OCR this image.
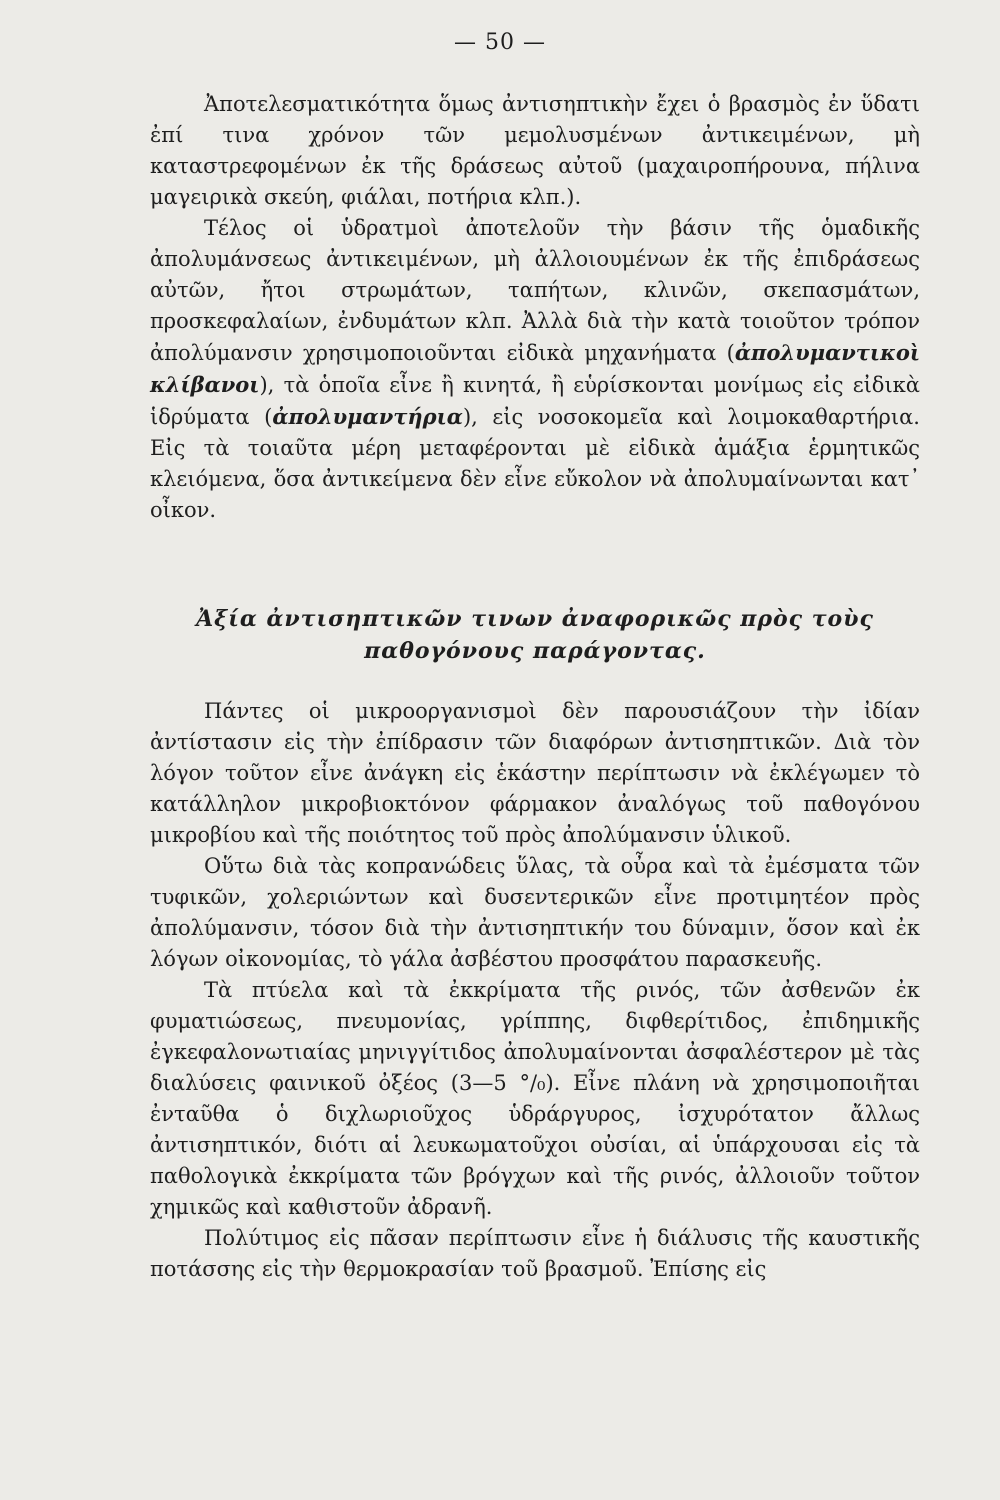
— 50 —

Ἀποτελεσματικότητα ὅμως ἀντισηπτικὴν ἔχει ὁ βρασμὸς ἐν ὕδατι ἐπί τινα χρόνον τῶν μεμολυσμένων ἀντικειμένων, μὴ καταστρεφομένων ἐκ τῆς δράσεως αὐτοῦ (μαχαιροπήρουνα, πήλινα μαγειρικὰ σκεύη, φιάλαι, ποτήρια κλπ.).

Τέλος οἱ ὑδρατμοὶ ἀποτελοῦν τὴν βάσιν τῆς ὁμαδικῆς ἀπολυμάνσεως ἀντικειμένων, μὴ ἀλλοιουμένων ἐκ τῆς ἐπιδράσεως αὐτῶν, ἤτοι στρωμάτων, ταπήτων, κλινῶν, σκεπασμάτων, προσκεφαλαίων, ἐνδυμάτων κλπ. Ἀλλὰ διὰ τὴν κατὰ τοιοῦτον τρόπον ἀπολύμανσιν χρησιμοποιοῦνται εἰδικὰ μηχανήματα (ἀπολυμαντικοὶ κλίβανοι), τὰ ὁποῖα εἶνε ἢ κινητά, ἢ εὑρίσκονται μονίμως εἰς εἰδικὰ ἱδρύματα (ἀπολυμαντήρια), εἰς νοσοκομεῖα καὶ λοιμοκαθαρτήρια. Εἰς τὰ τοιαῦτα μέρη μεταφέρονται μὲ εἰδικὰ ἁμάξια ἑρμητικῶς κλειόμενα, ὅσα ἀντικείμενα δὲν εἶνε εὔκολον νὰ ἀπολυμαίνωνται κατ᾿ οἶκον.

Ἀξία ἀντισηπτικῶν τινων ἀναφορικῶς πρὸς τοὺς παθογόνους παράγοντας.

Πάντες οἱ μικροοργανισμοὶ δὲν παρουσιάζουν τὴν ἰδίαν ἀντίστασιν εἰς τὴν ἐπίδρασιν τῶν διαφόρων ἀντισηπτικῶν. Διὰ τὸν λόγον τοῦτον εἶνε ἀνάγκη εἰς ἑκάστην περίπτωσιν νὰ ἐκλέγωμεν τὸ κατάλληλον μικροβιοκτόνον φάρμακον ἀναλόγως τοῦ παθογόνου μικροβίου καὶ τῆς ποιότητος τοῦ πρὸς ἀπολύμανσιν ὑλικοῦ.

Οὕτω διὰ τὰς κοπρανώδεις ὕλας, τὰ οὖρα καὶ τὰ ἐμέσματα τῶν τυφικῶν, χολεριώντων καὶ δυσεντερικῶν εἶνε προτιμητέον πρὸς ἀπολύμανσιν, τόσον διὰ τὴν ἀντισηπτικήν του δύναμιν, ὅσον καὶ ἐκ λόγων οἰκονομίας, τὸ γάλα ἀσβέστου προσφάτου παρασκευῆς.

Τὰ πτύελα καὶ τὰ ἐκκρίματα τῆς ρινός, τῶν ἀσθενῶν ἐκ φυματιώσεως, πνευμονίας, γρίππης, διφθερίτιδος, ἐπιδημικῆς ἐγκεφαλονωτιαίας μηνιγγίτιδος ἀπολυμαίνονται ἀσφαλέστερον μὲ τὰς διαλύσεις φαινικοῦ ὀξέος (3—5 °/₀). Εἶνε πλάνη νὰ χρησιμοποιῆται ἐνταῦθα ὁ διχλωριοῦχος ὑδράργυρος, ἰσχυρότατον ἄλλως ἀντισηπτικόν, διότι αἱ λευκωματοῦχοι οὐσίαι, αἱ ὑπάρχουσαι εἰς τὰ παθολογικὰ ἐκκρίματα τῶν βρόγχων καὶ τῆς ρινός, ἀλλοιοῦν τοῦτον χημικῶς καὶ καθιστοῦν ἀδρανῆ.

Πολύτιμος εἰς πᾶσαν περίπτωσιν εἶνε ἡ διάλυσις τῆς καυστικῆς ποτάσσης εἰς τὴν θερμοκρασίαν τοῦ βρασμοῦ. Ἐπίσης εἰς
